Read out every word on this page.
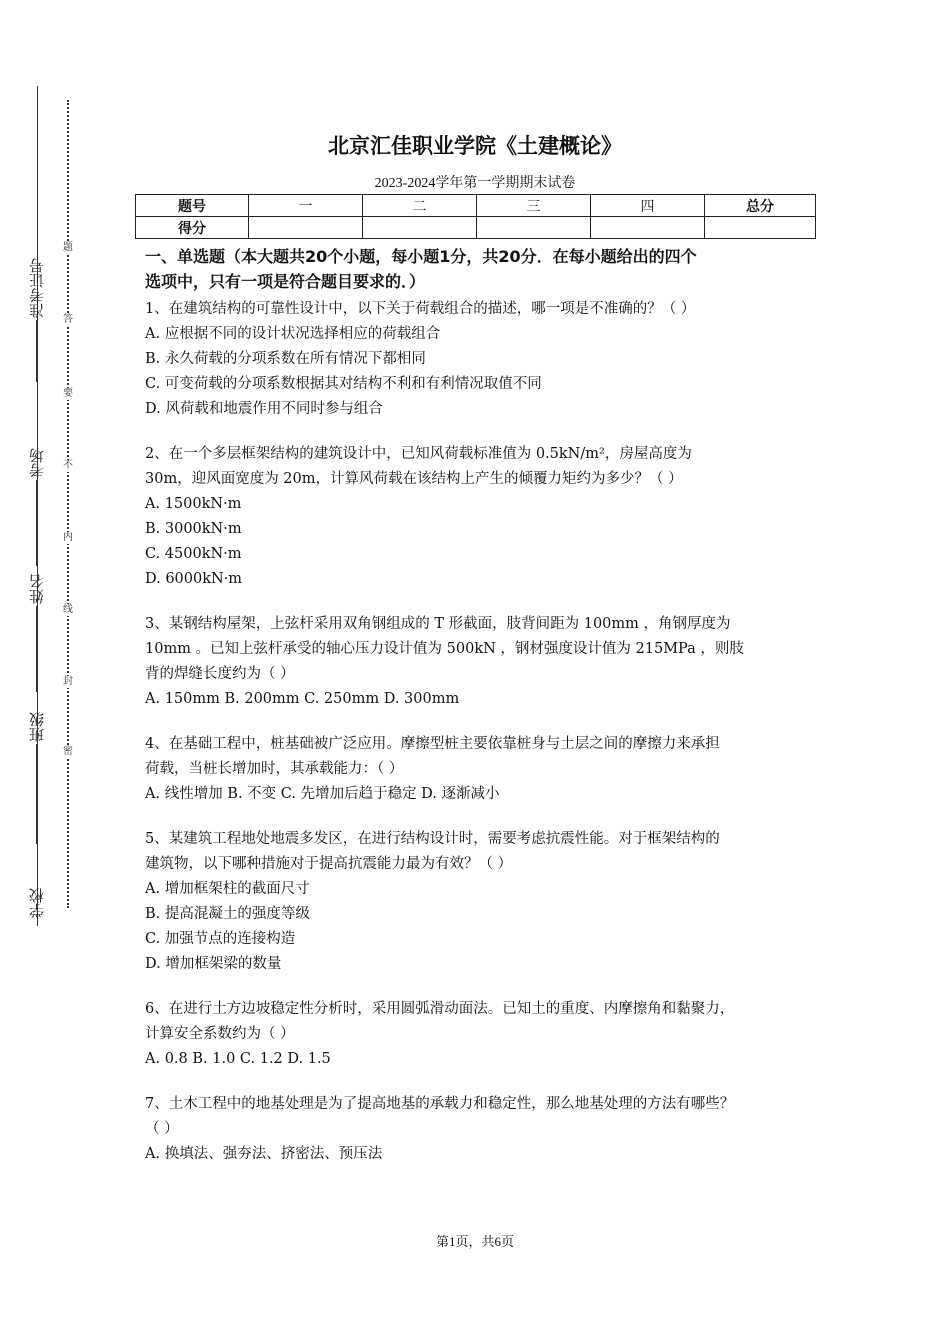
准考证号
考场
姓名
班级
学校
题
答
要
不
内
线
封
密
北京汇佳职业学院《土建概论》
2023-2024学年第一学期期末试卷
题号	一	二	三	四	总分
得分					
一、单选题（本大题共20个小题，每小题1分，共20分．在每小题给出的四个
选项中，只有一项是符合题目要求的．）
1、在建筑结构的可靠性设计中，以下关于荷载组合的描述，哪一项是不准确的？（ ）
A. 应根据不同的设计状况选择相应的荷载组合
B. 永久荷载的分项系数在所有情况下都相同
C. 可变荷载的分项系数根据其对结构不利和有利情况取值不同
D. 风荷载和地震作用不同时参与组合
2、在一个多层框架结构的建筑设计中，已知风荷载标准值为 0.5kN/m²，房屋高度为
30m，迎风面宽度为 20m，计算风荷载在该结构上产生的倾覆力矩约为多少？（ ）
A. 1500kN·m
B. 3000kN·m
C. 4500kN·m
D. 6000kN·m
3、某钢结构屋架，上弦杆采用双角钢组成的 T 形截面，肢背间距为 100mm ，角钢厚度为
10mm 。已知上弦杆承受的轴心压力设计值为 500kN ，钢材强度设计值为 215MPa ，则肢
背的焊缝长度约为（ ）
A. 150mm B. 200mm C. 250mm D. 300mm
4、在基础工程中，桩基础被广泛应用。摩擦型桩主要依靠桩身与土层之间的摩擦力来承担
荷载，当桩长增加时，其承载能力：（ ）
A. 线性增加 B. 不变 C. 先增加后趋于稳定 D. 逐渐减小
5、某建筑工程地处地震多发区，在进行结构设计时，需要考虑抗震性能。对于框架结构的
建筑物，以下哪种措施对于提高抗震能力最为有效？（ ）
A. 增加框架柱的截面尺寸
B. 提高混凝土的强度等级
C. 加强节点的连接构造
D. 增加框架梁的数量
6、在进行土方边坡稳定性分析时，采用圆弧滑动面法。已知土的重度、内摩擦角和黏聚力，
计算安全系数约为（ ）
A. 0.8 B. 1.0 C. 1.2 D. 1.5
7、土木工程中的地基处理是为了提高地基的承载力和稳定性，那么地基处理的方法有哪些？
（ ）
A. 换填法、强夯法、挤密法、预压法
第1页，共6页
